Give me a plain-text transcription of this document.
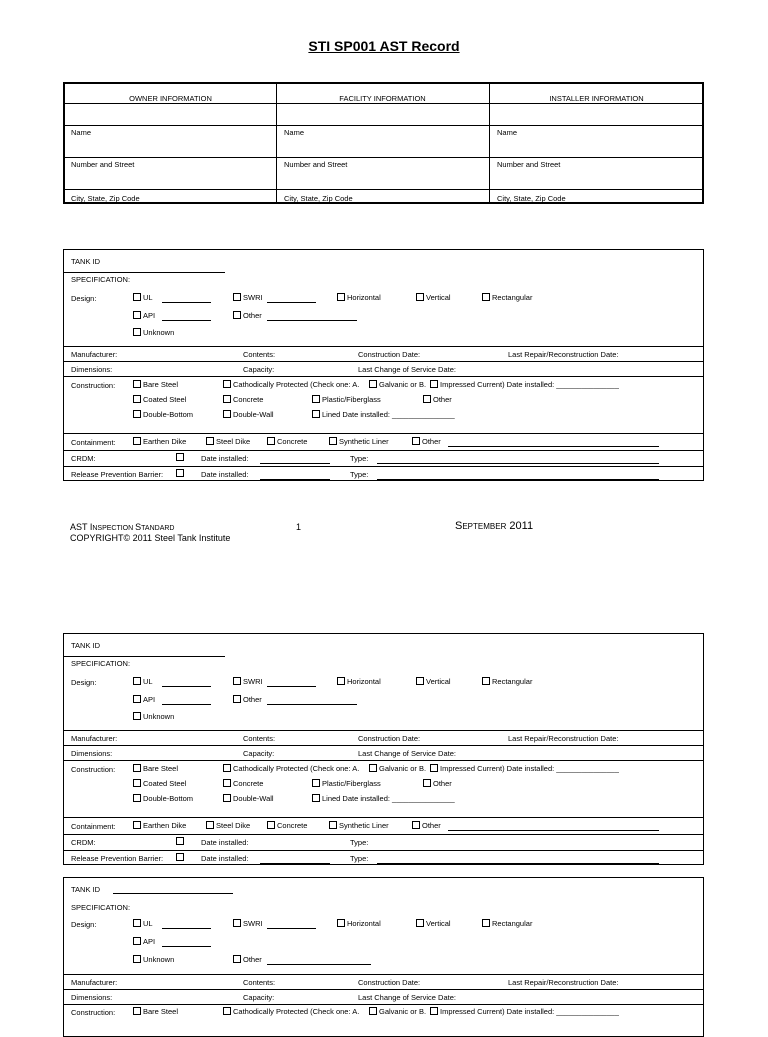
STI SP001 AST Record
OWNER INFORMATION	FACILITY INFORMATION	INSTALLER INFORMATION
Name	Name	Name
Number and Street	Number and Street	Number and Street
City, State, Zip Code	City, State, Zip Code	City, State, Zip Code
TANK ID
SPECIFICATION:
Design:	UL	SWRI	Horizontal	Vertical	Rectangular
API	Other
Unknown
Manufacturer:	Contents:	Construction Date:	Last Repair/Reconstruction Date:
Dimensions:	Capacity:	Last Change of Service Date:
Construction:	Bare Steel	Cathodically Protected (Check one: A.	Galvanic or B.	Impressed Current) Date installed: _______________
Coated Steel	Concrete	Plastic/Fiberglass	Other
Double-Bottom	Double-Wall	Lined Date installed: _______________
Containment:	Earthen Dike	Steel Dike	Concrete	Synthetic Liner	Other
CRDM:	Date installed:	Type:
Release Prevention Barrier:	Date installed:	Type:
AST INSPECTION STANDARD	1	SEPTEMBER 2011
COPYRIGHT© 2011 Steel Tank Institute
TANK ID
SPECIFICATION:
Design:	UL	SWRI	Horizontal	Vertical	Rectangular
API	Other
Unknown
Manufacturer:	Contents:	Construction Date:	Last Repair/Reconstruction Date:
Dimensions:	Capacity:	Last Change of Service Date:
Construction:	Bare Steel	Cathodically Protected (Check one: A.	Galvanic or B.	Impressed Current) Date installed: _______________
Coated Steel	Concrete	Plastic/Fiberglass	Other
Double-Bottom	Double-Wall	Lined Date installed: _______________
Containment:	Earthen Dike	Steel Dike	Concrete	Synthetic Liner	Other
CRDM:	Date installed:	Type:
Release Prevention Barrier:	Date installed:	Type:
TANK ID
SPECIFICATION:
Design:	UL	SWRI	Horizontal	Vertical	Rectangular
API
Unknown	Other
Manufacturer:	Contents:	Construction Date:	Last Repair/Reconstruction Date:
Dimensions:	Capacity:	Last Change of Service Date:
Construction:	Bare Steel	Cathodically Protected (Check one: A.	Galvanic or B.	Impressed Current) Date installed: _______________
